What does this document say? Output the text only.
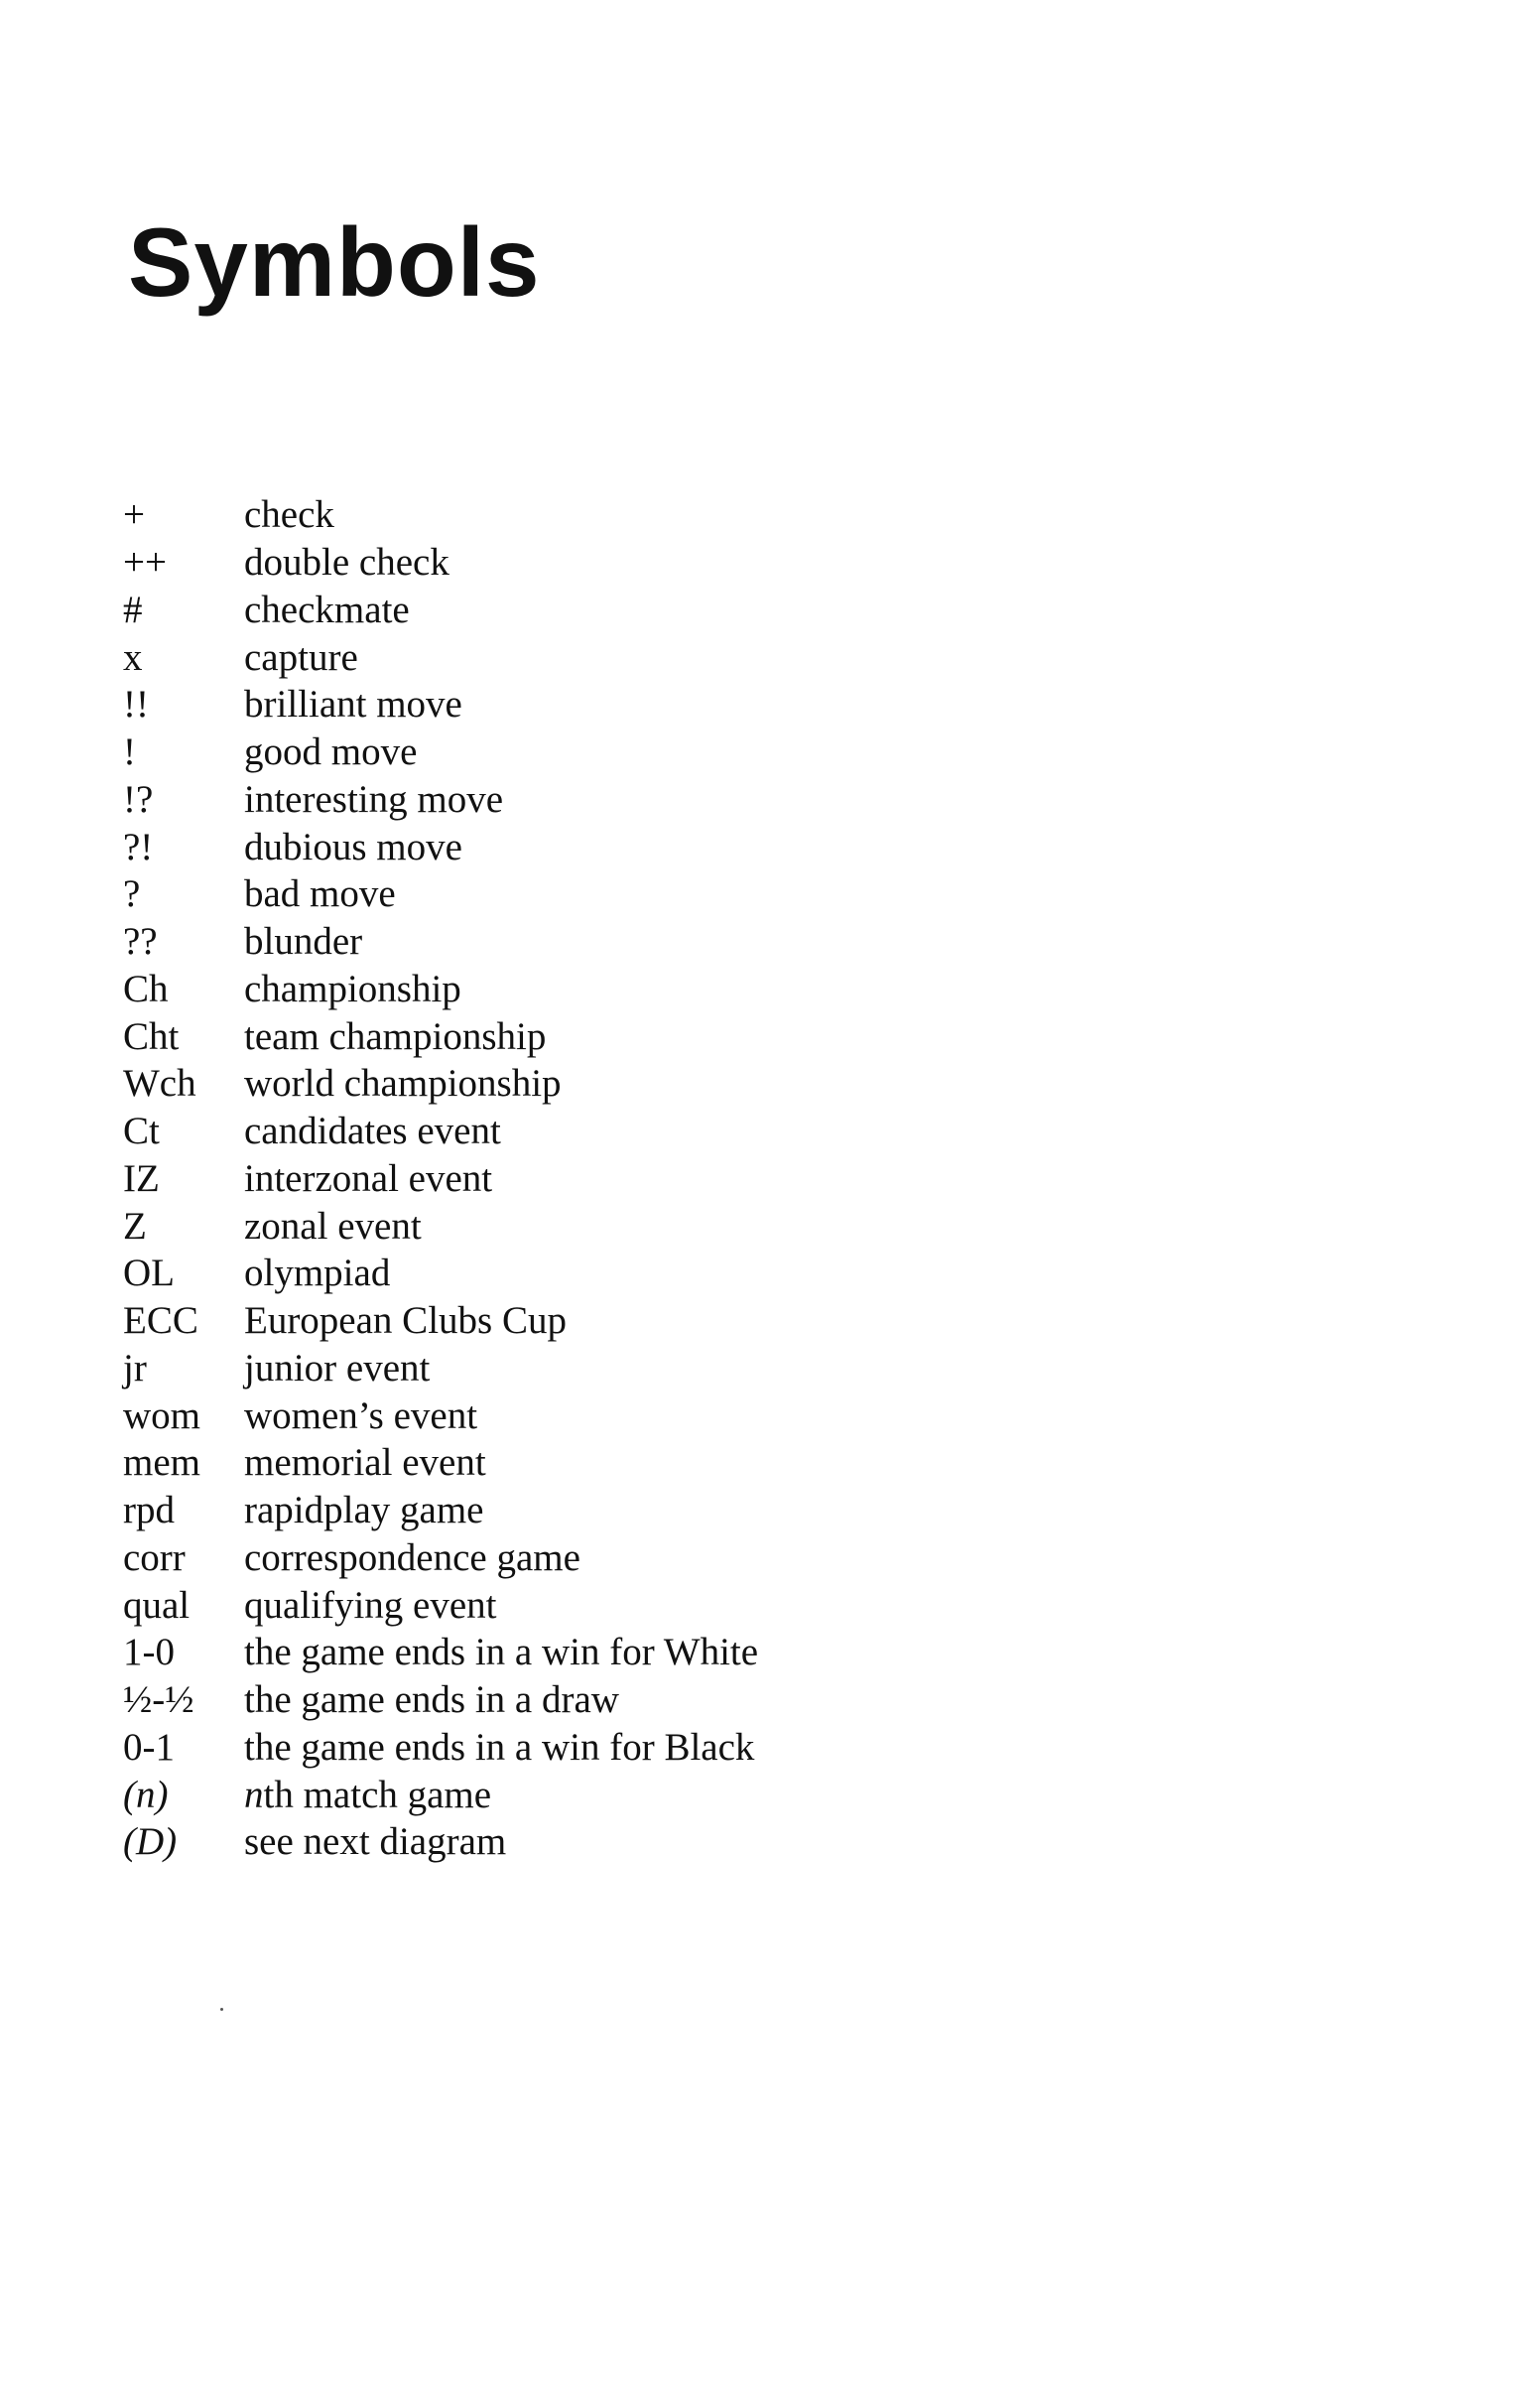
Symbols
+	check
++	double check
#	checkmate
x	capture
!!	brilliant move
!	good move
!?	interesting move
?!	dubious move
?	bad move
??	blunder
Ch	championship
Cht	team championship
Wch	world championship
Ct	candidates event
IZ	interzonal event
Z	zonal event
OL	olympiad
ECC	European Clubs Cup
jr	junior event
wom	women’s event
mem	memorial event
rpd	rapidplay game
corr	correspondence game
qual	qualifying event
1-0	the game ends in a win for White
½-½	the game ends in a draw
0-1	the game ends in a win for Black
(n)	nth match game
(D)	see next diagram
